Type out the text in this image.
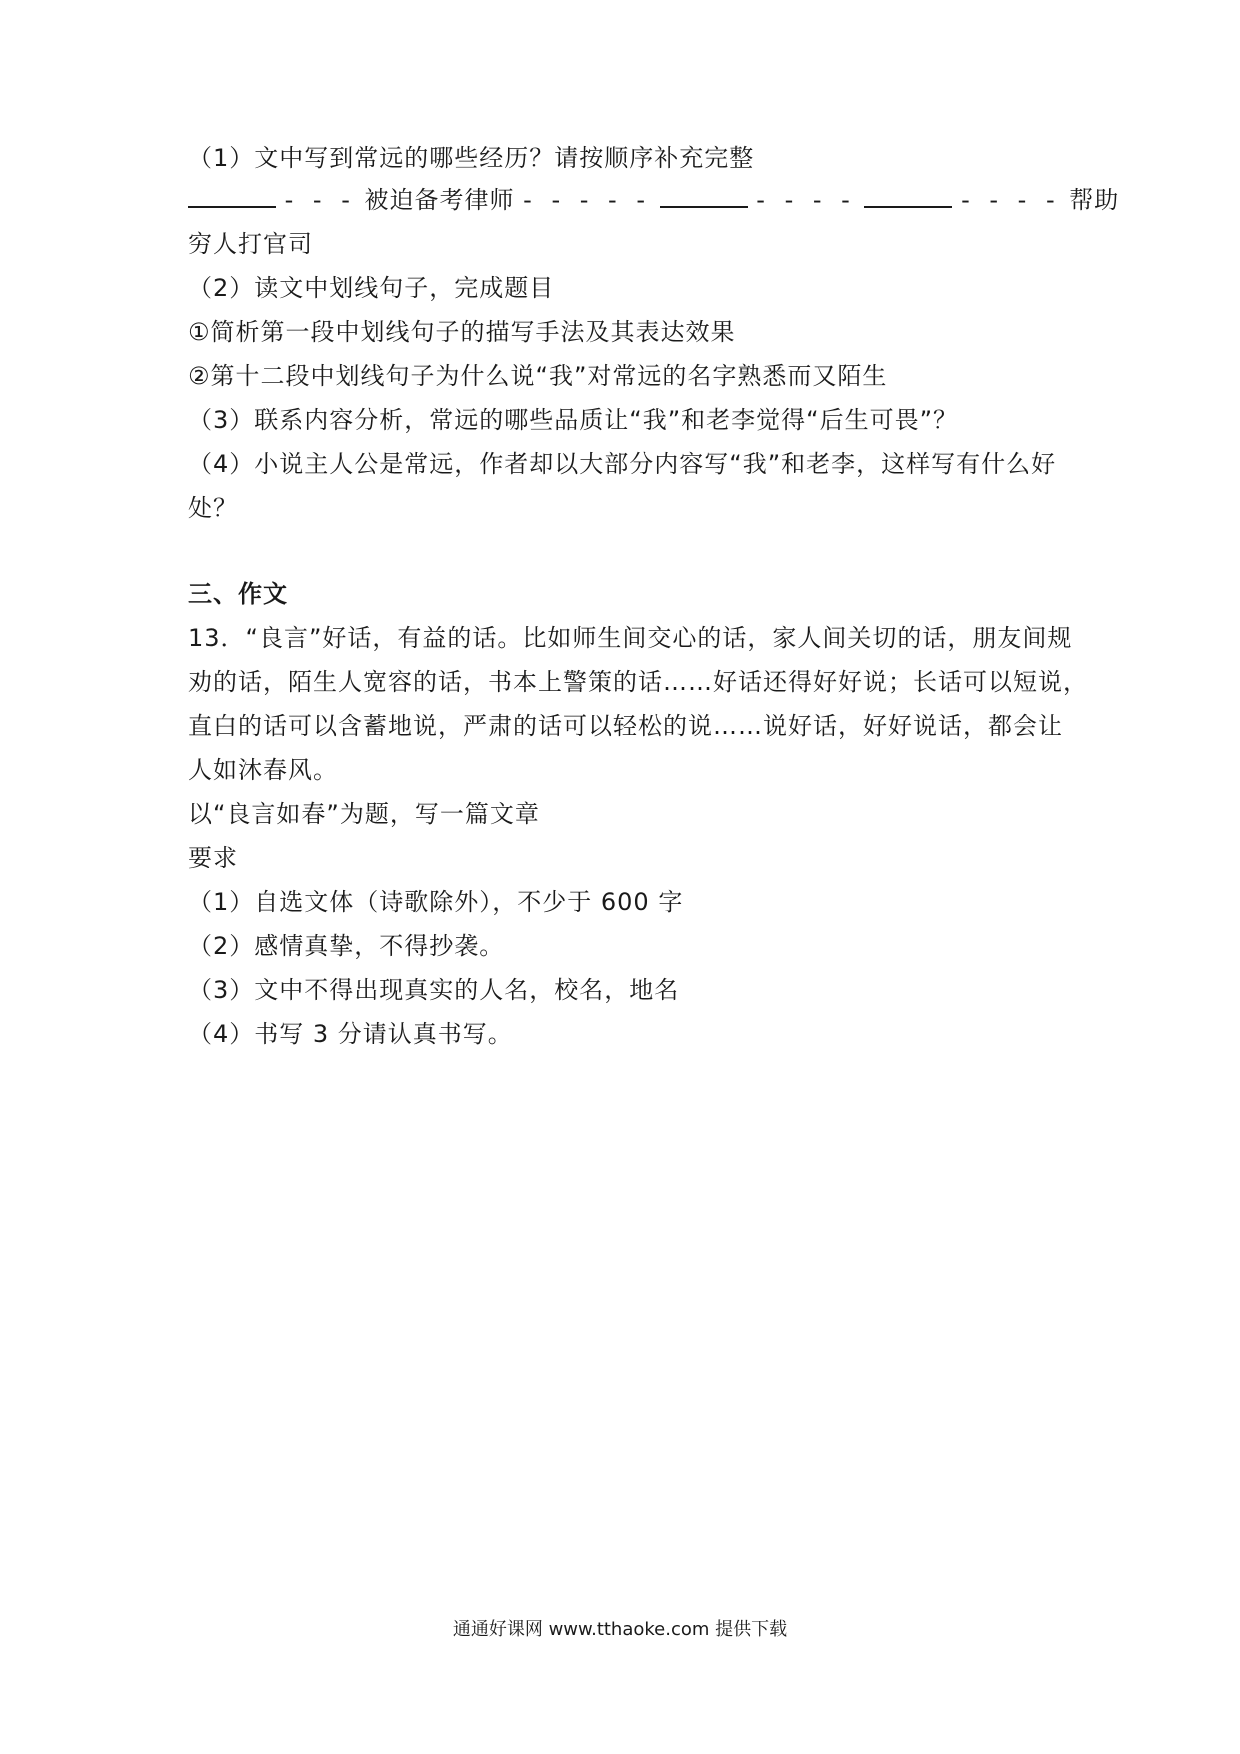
（1）文中写到常远的哪些经历？请按顺序补充完整
- - - 被迫备考律师 - - - - -	- - - -	- - - - 帮助
穷人打官司
（2）读文中划线句子，完成题目
①简析第一段中划线句子的描写手法及其表达效果
②第十二段中划线句子为什么说“我”对常远的名字熟悉而又陌生
（3）联系内容分析，常远的哪些品质让“我”和老李觉得“后生可畏”？
（4）小说主人公是常远，作者却以大部分内容写“我”和老李，这样写有什么好
处？
三、作文
13．“良言”好话，有益的话。比如师生间交心的话，家人间关切的话，朋友间规
劝的话，陌生人宽容的话，书本上警策的话……好话还得好好说；长话可以短说，
直白的话可以含蓄地说，严肃的话可以轻松的说……说好话，好好说话，都会让
人如沐春风。
以“良言如春”为题，写一篇文章
要求
（1）自选文体（诗歌除外），不少于 600 字
（2）感情真挚，不得抄袭。
（3）文中不得出现真实的人名，校名，地名
（4）书写 3 分请认真书写。
通通好课网 www.tthaoke.com 提供下载
